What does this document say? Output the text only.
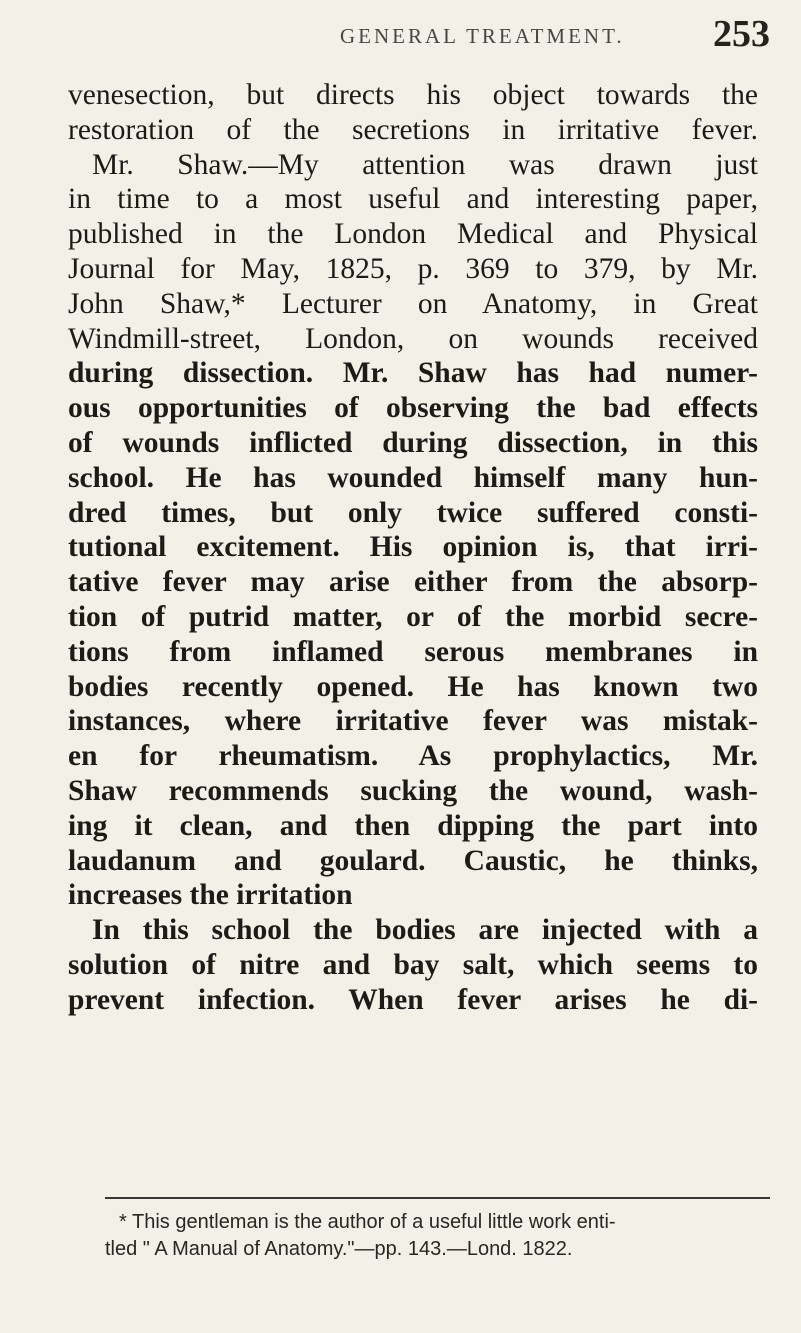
GENERAL TREATMENT. 253
venesection, but directs his object towards the
restoration of the secretions in irritative fever.
Mr. Shaw.—My attention was drawn just
in time to a most useful and interesting paper,
published in the London Medical and Physical
Journal for May, 1825, p. 369 to 379, by Mr.
John Shaw,* Lecturer on Anatomy, in Great
Windmill-street, London, on wounds received
during dissection. Mr. Shaw has had numer-
ous opportunities of observing the bad effects
of wounds inflicted during dissection, in this
school. He has wounded himself many hun-
dred times, but only twice suffered consti-
tutional excitement. His opinion is, that irri-
tative fever may arise either from the absorp-
tion of putrid matter, or of the morbid secre-
tions from inflamed serous membranes in
bodies recently opened. He has known two
instances, where irritative fever was mistak-
en for rheumatism. As prophylactics, Mr.
Shaw recommends sucking the wound, wash-
ing it clean, and then dipping the part into
laudanum and goulard. Caustic, he thinks,
increases the irritation
In this school the bodies are injected with a
solution of nitre and bay salt, which seems to
prevent infection. When fever arises he di-
* This gentleman is the author of a useful little work enti-
tled " A Manual of Anatomy."—pp. 143.—Lond. 1822.
